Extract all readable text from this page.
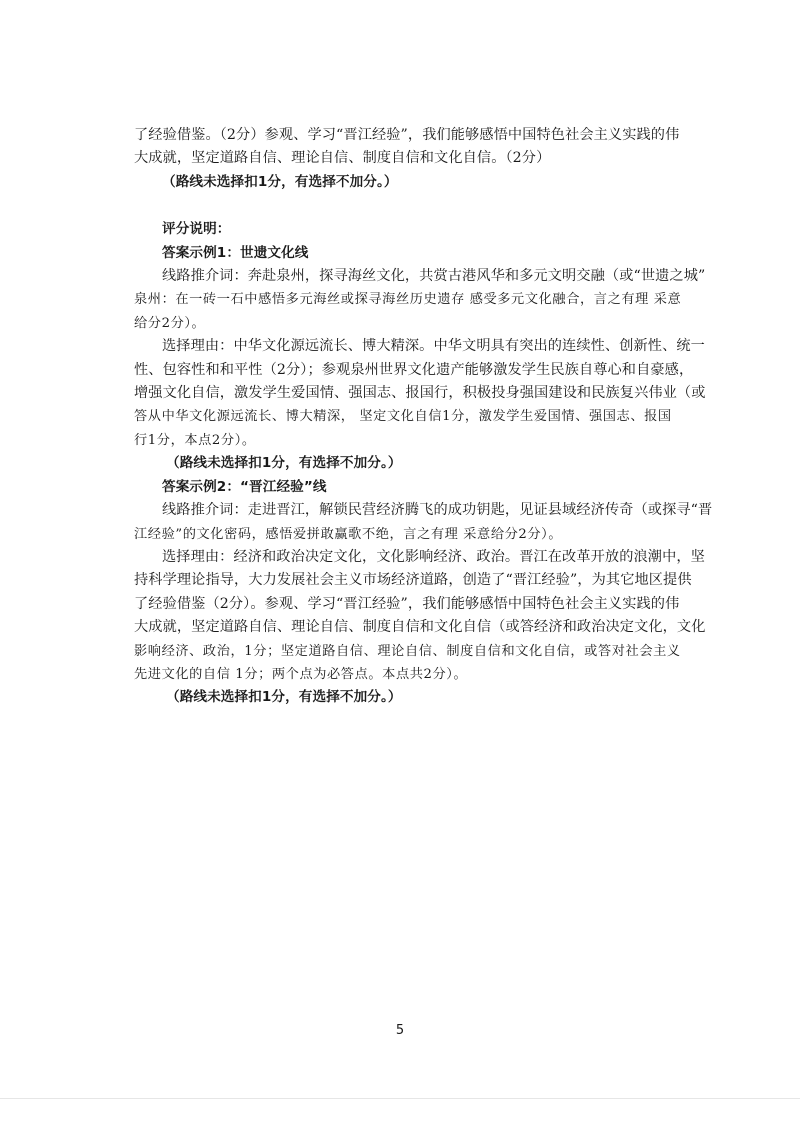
了经验借鉴。（2分）参观、学习“晋江经验”，我们能够感悟中国特色社会主义实践的伟
大成就，坚定道路自信、理论自信、制度自信和文化自信。（2分）
（路线未选择扣1分，有选择不加分。）
评分说明：
答案示例1：世遗文化线
线路推介词：奔赴泉州，探寻海丝文化，共赏古港风华和多元文明交融（或“世遗之城”
泉州：在一砖一石中感悟多元海丝或探寻海丝历史遗存 感受多元文化融合，言之有理 采意
给分2分）。
选择理由：中华文化源远流长、博大精深。中华文明具有突出的连续性、创新性、统一
性、包容性和和平性（2分）；参观泉州世界文化遗产能够激发学生民族自尊心和自豪感，
增强文化自信，激发学生爱国情、强国志、报国行，积极投身强国建设和民族复兴伟业（或
答从中华文化源远流长、博大精深， 坚定文化自信1分，激发学生爱国情、强国志、报国
行1分，本点2分）。
（路线未选择扣1分，有选择不加分。）
答案示例2：“晋江经验”线
线路推介词：走进晋江，解锁民营经济腾飞的成功钥匙，见证县域经济传奇（或探寻“晋
江经验”的文化密码，感悟爱拼敢赢歌不绝，言之有理 采意给分2分）。
选择理由：经济和政治决定文化，文化影响经济、政治。晋江在改革开放的浪潮中，坚
持科学理论指导，大力发展社会主义市场经济道路，创造了“晋江经验”，为其它地区提供
了经验借鉴（2分）。参观、学习“晋江经验”，我们能够感悟中国特色社会主义实践的伟
大成就，坚定道路自信、理论自信、制度自信和文化自信（或答经济和政治决定文化，文化
影响经济、政治，1分；坚定道路自信、理论自信、制度自信和文化自信，或答对社会主义
先进文化的自信 1分；两个点为必答点。本点共2分）。
（路线未选择扣1分，有选择不加分。）
5
